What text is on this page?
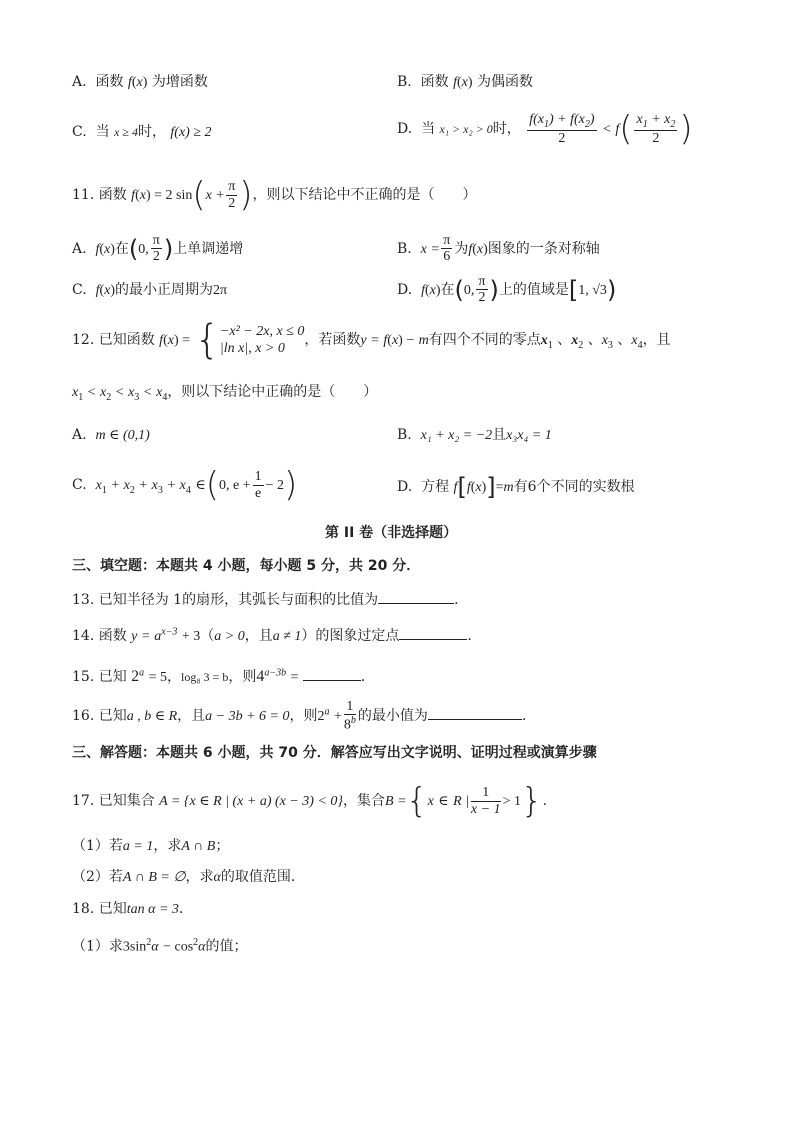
A. 函数 f(x) 为增函数	B. 函数 f(x) 为偶函数
C. 当 x ≥ 4时， f(x) ≥ 2	D. 当 x₁ > x₂ > 0时， $\frac{f(x_1) + f(x_2)}{2} < f( \frac{x_1 + x_2}{2}$ )
11. 函数 f(x) = 2 $\sin(x + \frac{\pi}{2}$ )，则以下结论中不正确的是（　　）
A. f(x)在(0, $\frac{\pi}{2}$ )上单调递增	B. $x = \frac{\pi}{6}$ 为f(x)图象的一条对称轴
C. f(x)的最小正周期为2π	D. f(x)在(0, $\frac{\pi}{2}$ )上的值域是[1, √3)
12. 已知函数 f(x) = { −x² − 2x, x ≤ 0
|ln x|, x > 0
，若函数y = f(x) − m有四个不同的零点$x_1$ 、$x_2$ 、$x_3$ 、$x_4$，且
$x_1 < x_2 < x_3 < x_4$，则以下结论中正确的是（　　）
A. m ∈ (0,1)	B. x₁ + x₂ = −2且x₃x₄ = 1
C. $x_1 + x_2 + x_3 + x_4$ ∈(0, $e + \frac{1}{e} - 2$)	D. 方程 f[f(x)]=m有6个不同的实数根
第 II 卷（非选择题）
三、填空题：本题共 4 小题，每小题 5 分，共 20 分．
13. 已知半径为 1的扇形，其弧长与面积的比值为	．
14. 函数 $y = a^{x-3} + 3(a > 0$，且a ≠ 1）的图象过定点	.
15. 已知 $2^a = 5$，log₈ 3 = b，则$4^{a-3b}$ =	．
16. 已知a , b ∈ R，且a − 3b + 6 = 0，则$2^a + \frac{1}{8^b}$ 的最小值为	.
三、解答题：本题共 6 小题，共 70 分．解答应写出文字说明、证明过程或演算步骤
17. 已知集合 A = {x ∈ R | (x + a) (x − 3) < 0}，集合B ={x ∈ R | $\frac{1}{x - 1} > 1$}.
（1）若a = 1，求A ∩ B；
（2）若A ∩ B = ∅，求α的取值范围.
18. 已知tan α = 3．
（1）求$3\sin^2\alpha - \cos^2\alpha$的值；
